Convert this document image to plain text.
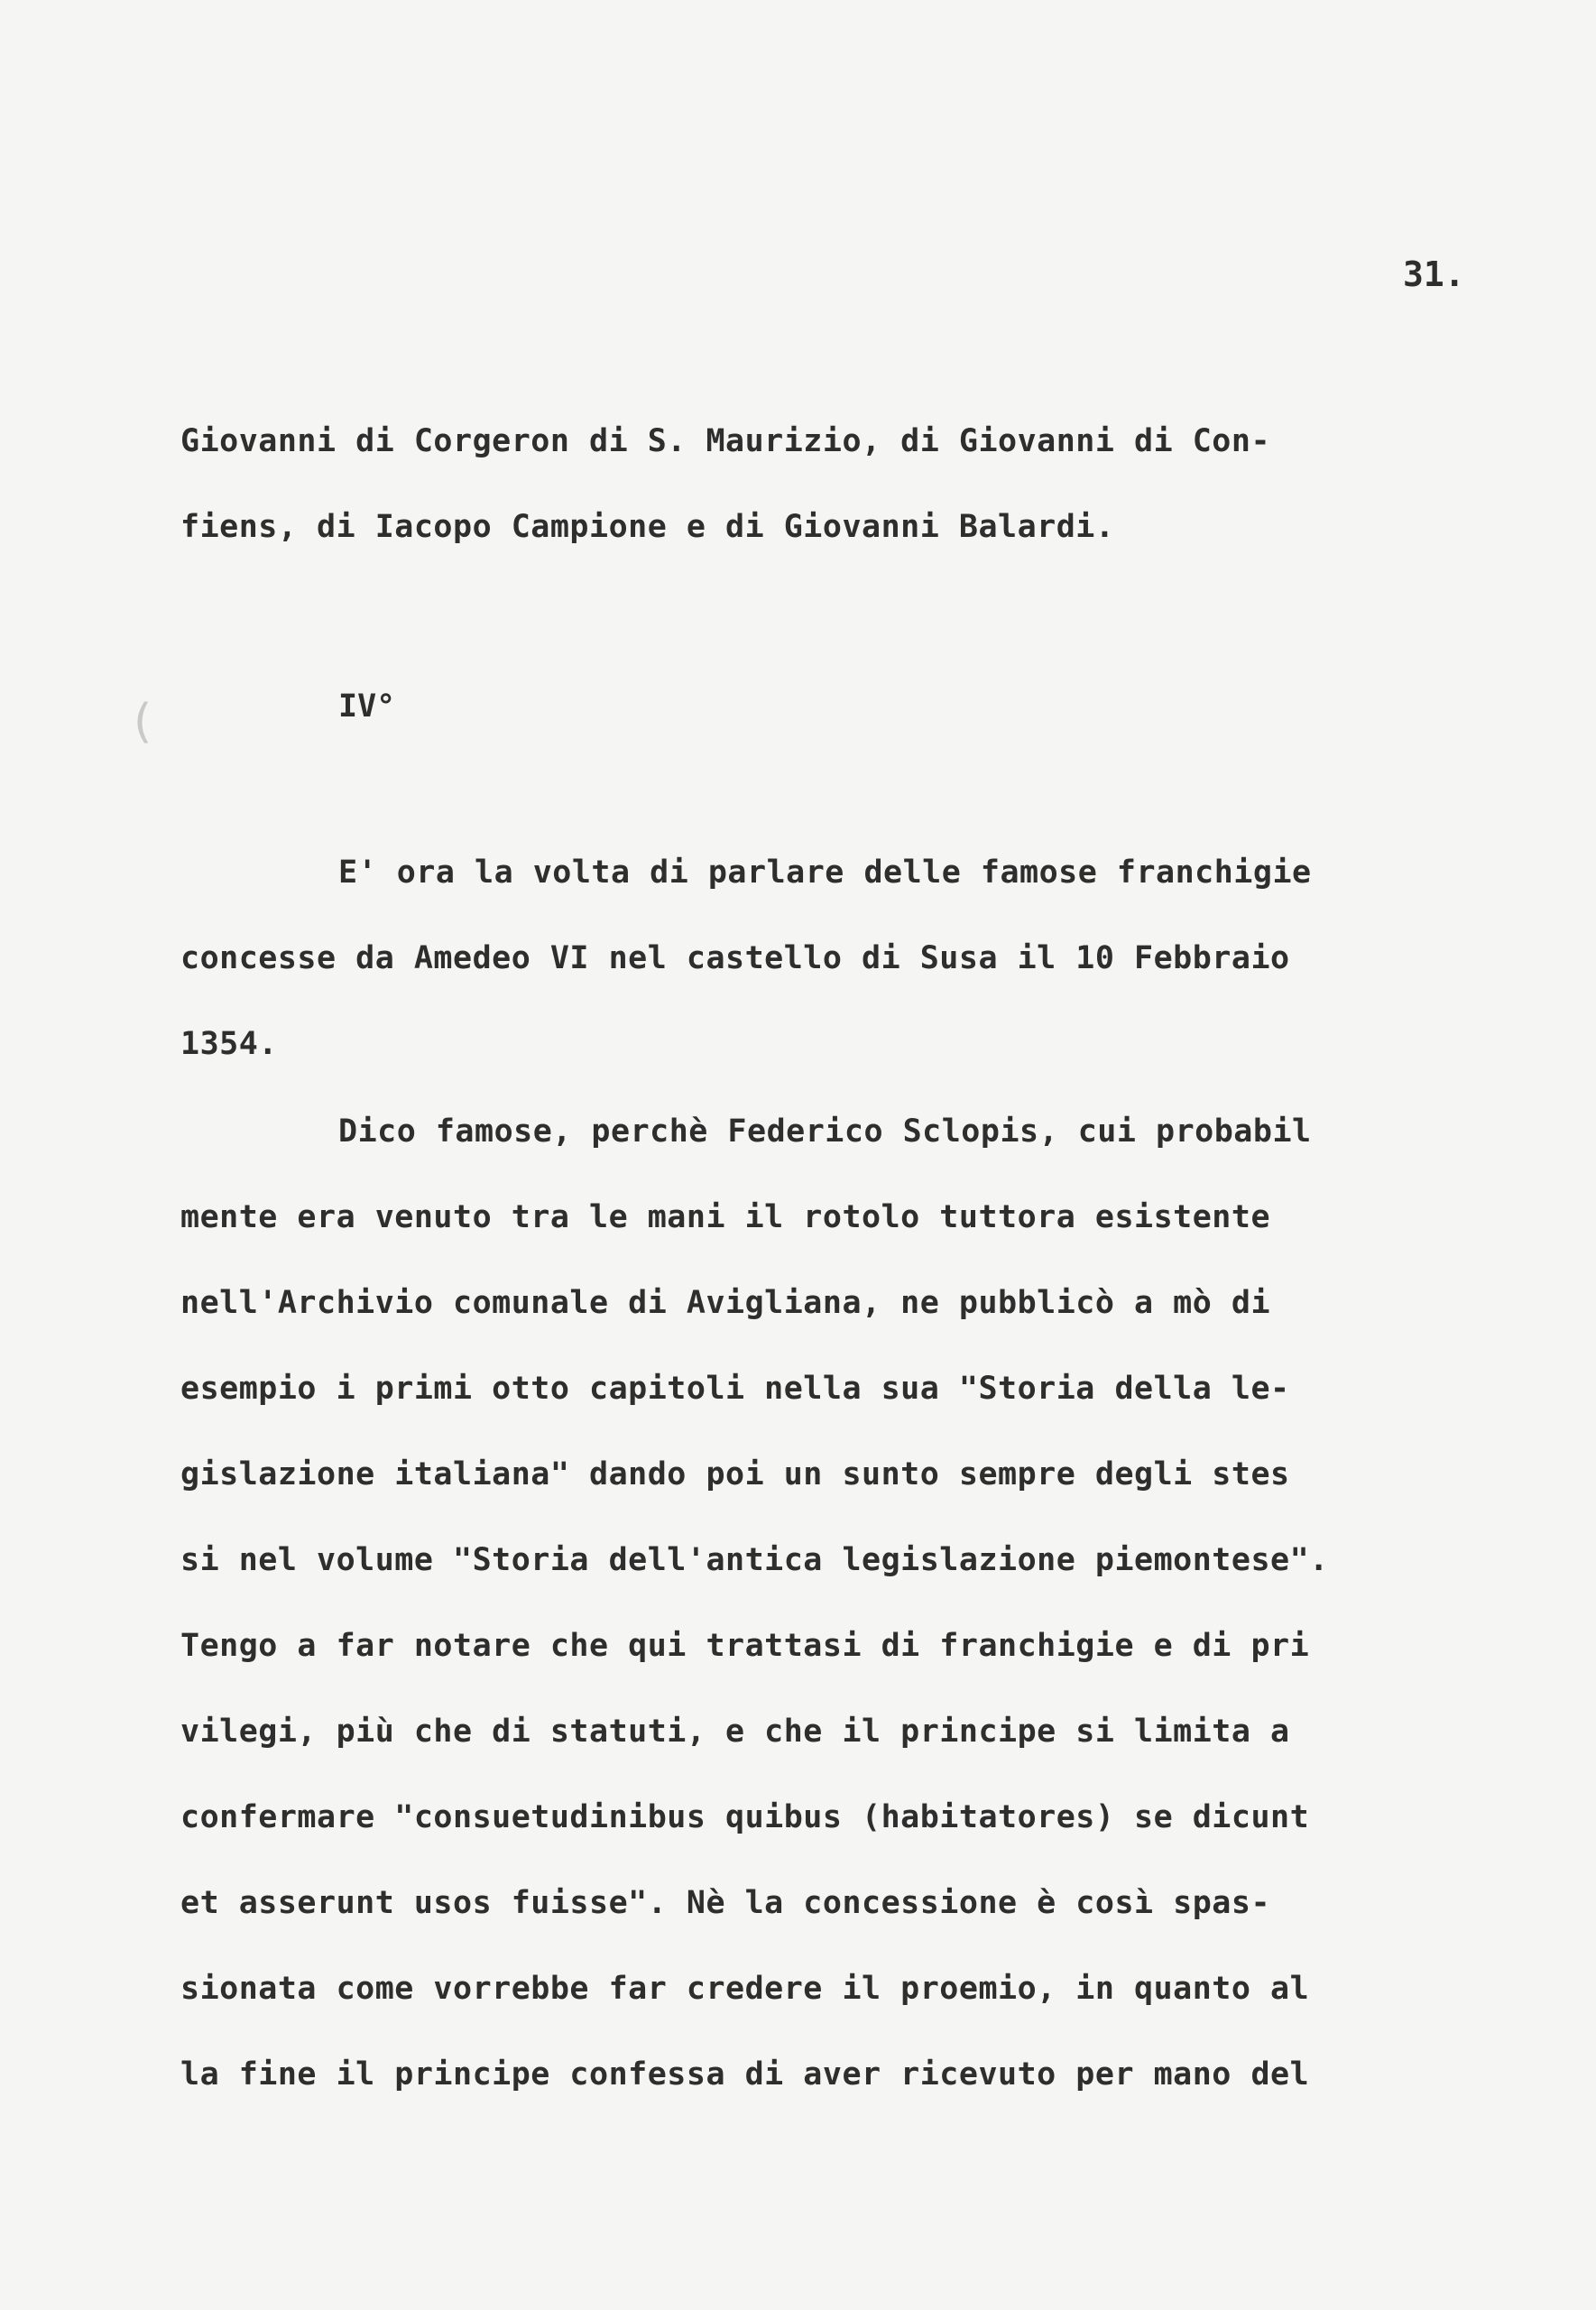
31.
Giovanni di Corgeron di S. Maurizio, di Giovanni di Con-
fiens, di Iacopo Campione e di Giovanni Balardi.
IV°
(
E' ora la volta di parlare delle famose franchigie
concesse da Amedeo VI nel castello di Susa il 10 Febbraio
1354.
Dico famose, perchè Federico Sclopis, cui probabil
mente era venuto tra le mani il rotolo tuttora esistente
nell'Archivio comunale di Avigliana, ne pubblicò a mò di
esempio i primi otto capitoli nella sua "Storia della le-
gislazione italiana" dando poi un sunto sempre degli stes
si nel volume "Storia dell'antica legislazione piemontese".
Tengo a far notare che qui trattasi di franchigie e di pri
vilegi, più che di statuti, e che il principe si limita a
confermare "consuetudinibus quibus (habitatores) se dicunt
et asserunt usos fuisse". Nè la concessione è così spas-
sionata come vorrebbe far credere il proemio, in quanto al
la fine il principe confessa di aver ricevuto per mano del
